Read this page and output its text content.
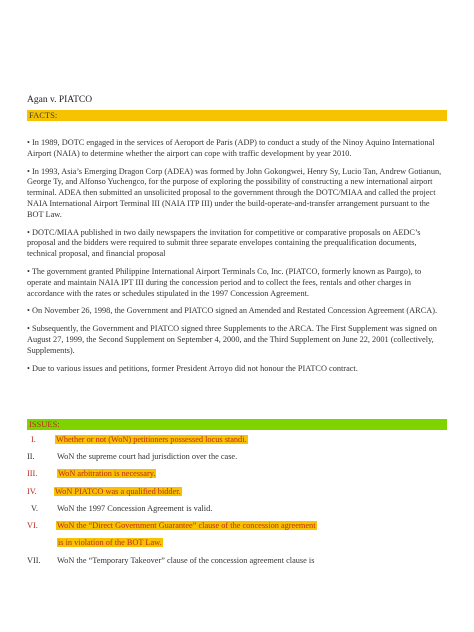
Agan v. PIATCO
FACTS:

• In 1989, DOTC engaged in the services of Aeroport de Paris (ADP) to conduct a study of the Ninoy Aquino International Airport (NAIA) to determine whether the airport can cope with traffic development by year 2010.

• In 1993, Asia’s Emerging Dragon Corp (ADEA) was formed by John Gokongwei, Henry Sy, Lucio Tan, Andrew Gotianun, George Ty, and Alfonso Yuchengco, for the purpose of exploring the possibility of constructing a new international airport terminal. ADEA then submitted an unsolicited proposal to the government through the DOTC/MIAA and called the project NAIA International Airport Terminal III (NAIA ITP III) under the build-operate-and-transfer arrangement pursuant to the BOT Law.

• DOTC/MIAA published in two daily newspapers the invitation for competitive or comparative proposals on AEDC’s proposal and the bidders were required to submit three separate envelopes containing the prequalification documents, technical proposal, and financial proposal

• The government granted Philippine International Airport Terminals Co, Inc. (PIATCO, formerly known as Paırgo), to operate and maintain NAIA IPT III during the concession period and to collect the fees, rentals and other charges in accordance with the rates or schedules stipulated in the 1997 Concession Agreement.

• On November 26, 1998, the Government and PIATCO signed an Amended and Restated Concession Agreement (ARCA).

• Subsequently, the Government and PIATCO signed three Supplements to the ARCA. The First Supplement was signed on August 27, 1999, the Second Supplement on September 4, 2000, and the Third Supplement on June 22, 2001 (collectively, Supplements).

• Due to various issues and petitions, former President Arroyo did not honour the PIATCO contract.

ISSUES:
I. Whether or not (WoN) petitioners possessed locus standi.
II.	WoN the supreme court had jurisdiction over the case.
III. WoN arbitration is necessary.
IV. WoN PIATCO was a qualified bidder.
V. WoN the 1997 Concession Agreement is valid.
VI. WoN the “Direct Government Guarantee” clause of the concession agreement
is in violation of the BOT Law.
VII. WoN the “Temporary Takeover” clause of the concession agreement clause is
